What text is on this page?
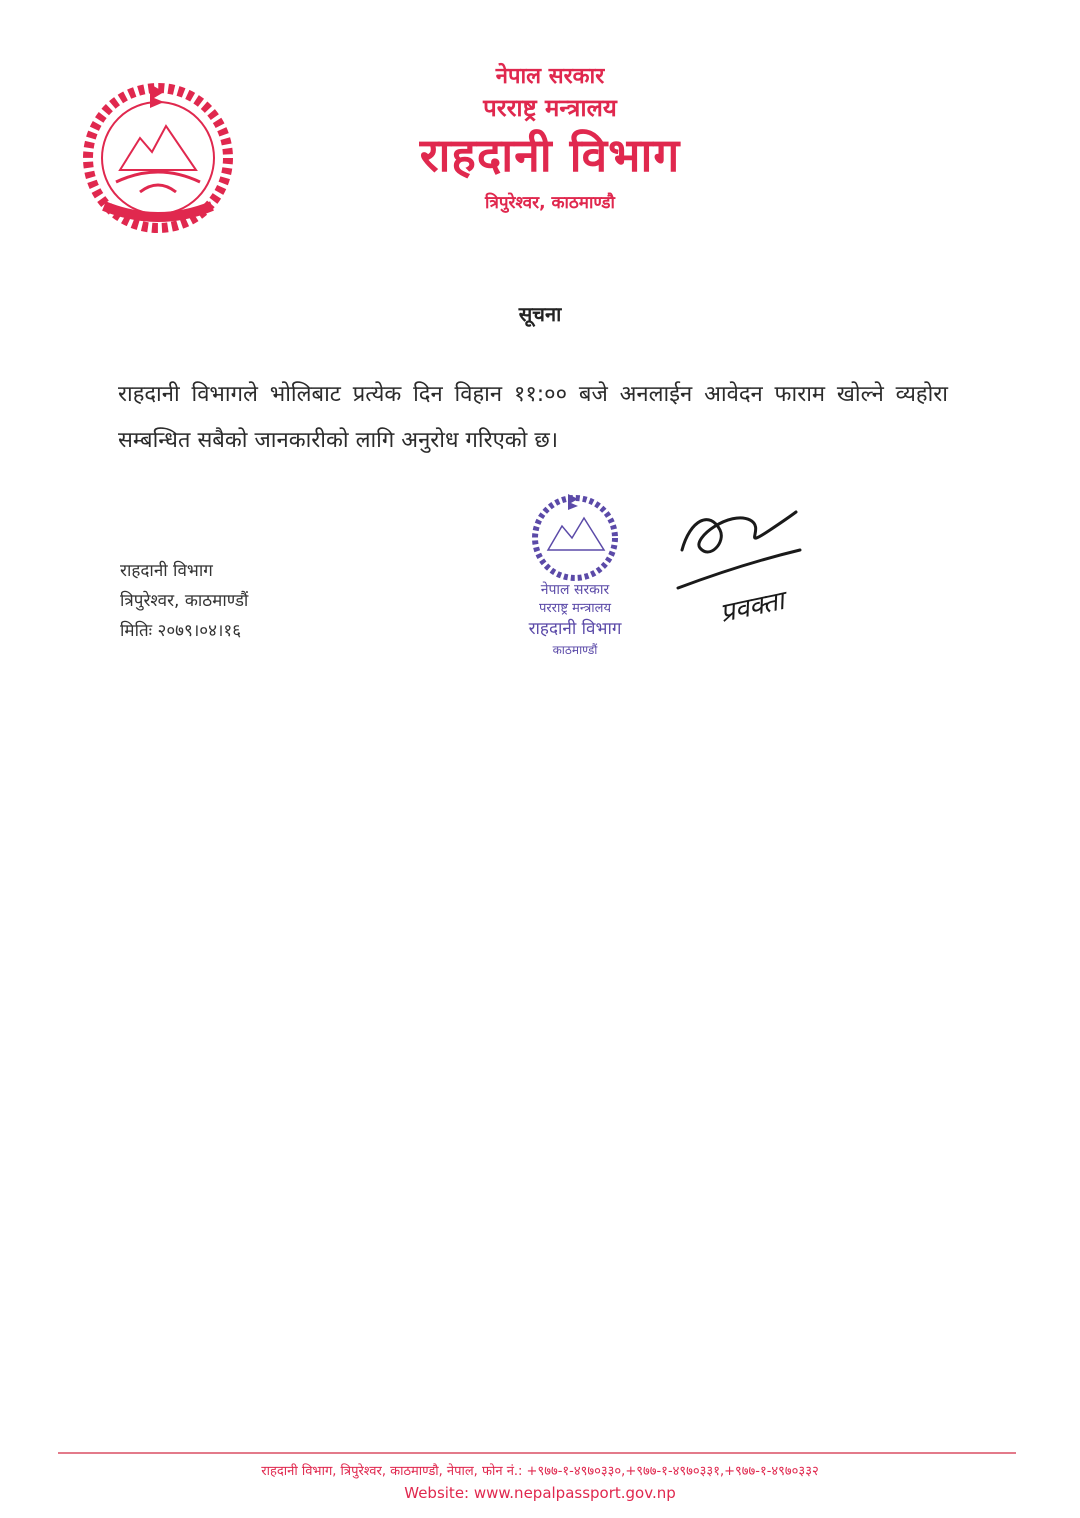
नेपाल सरकार
परराष्ट्र मन्त्रालय
राहदानी विभाग
त्रिपुरेश्वर, काठमाण्डौ
सूचना
राहदानी विभागले भोलिबाट प्रत्येक दिन विहान ११:०० बजे अनलाईन आवेदन फाराम खोल्ने व्यहोरा सम्बन्धित सबैको जानकारीको लागि अनुरोध गरिएको छ।
राहदानी विभाग
त्रिपुरेश्वर, काठमाण्डौं
मितिः २०७९।०४।१६
नेपाल सरकार
परराष्ट्र मन्त्रालय
राहदानी विभाग
काठमाण्डौं
प्रवक्ता
राहदानी विभाग, त्रिपुरेश्वर, काठमाण्डौ, नेपाल, फोन नं.: +९७७-१-४९७०३३०,+९७७-१-४९७०३३१,+९७७-१-४९७०३३२
Website: www.nepalpassport.gov.np
